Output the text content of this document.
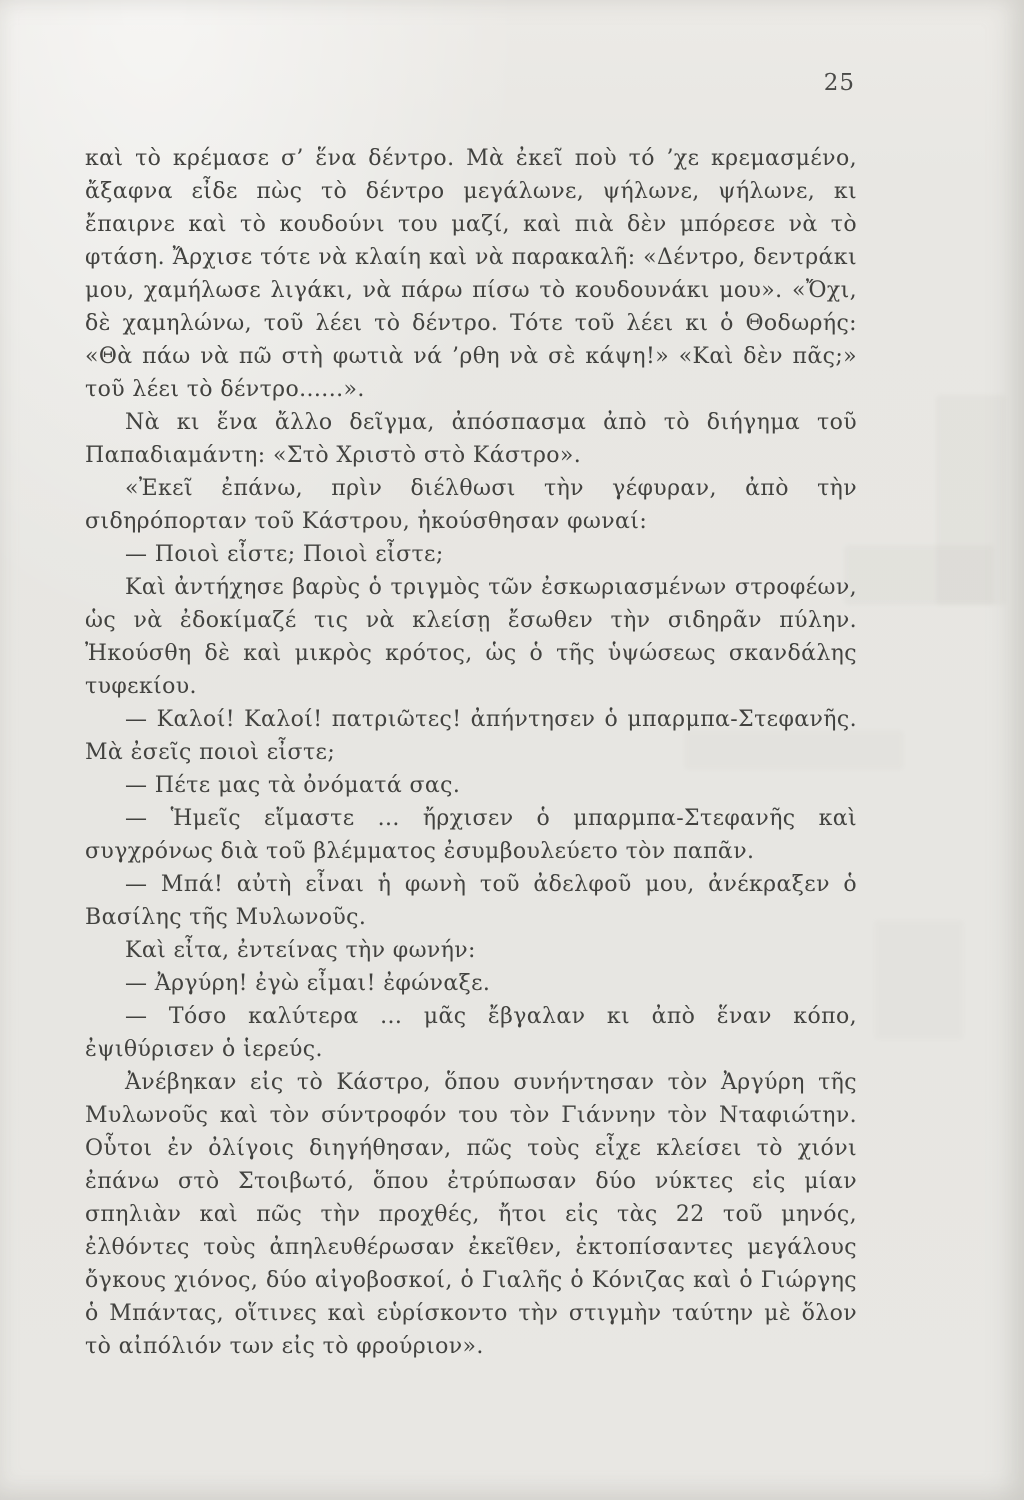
25

καὶ τὸ κρέμασε σ’ ἕνα δέντρο. Μὰ ἐκεῖ ποὺ τό ’χε κρεμασμένο, ἄξαφνα εἶδε πὼς τὸ δέντρο μεγάλωνε, ψήλωνε, ψήλωνε, κι ἔπαιρνε καὶ τὸ κουδούνι του μαζί, καὶ πιὰ δὲν μπόρεσε νὰ τὸ φτάση. Ἄρχισε τότε νὰ κλαίη καὶ νὰ παρακαλῆ: «Δέντρο, δεντράκι μου, χαμήλωσε λιγάκι, νὰ πάρω πίσω τὸ κουδουνάκι μου». «Ὄχι, δὲ χαμηλώνω, τοῦ λέει τὸ δέντρο. Τότε τοῦ λέει κι ὁ Θοδωρής: «Θὰ πάω νὰ πῶ στὴ φωτιὰ νά ’ρθη νὰ σὲ κάψη!» «Καὶ δὲν πᾶς;» τοῦ λέει τὸ δέντρο......».

Νὰ κι ἕνα ἄλλο δεῖγμα, ἀπόσπασμα ἀπὸ τὸ διήγημα τοῦ Παπαδιαμάντη: «Στὸ Χριστὸ στὸ Κάστρο».

«Ἐκεῖ ἐπάνω, πρὶν διέλθωσι τὴν γέφυραν, ἀπὸ τὴν σιδηρόπορταν τοῦ Κάστρου, ἠκούσθησαν φωναί:

— Ποιοὶ εἶστε; Ποιοὶ εἶστε;

Καὶ ἀντήχησε βαρὺς ὁ τριγμὸς τῶν ἐσκωριασμένων στροφέων, ὡς νὰ ἐδοκίμαζέ τις νὰ κλείσῃ ἔσωθεν τὴν σιδηρᾶν πύλην. Ἠκούσθη δὲ καὶ μικρὸς κρότος, ὡς ὁ τῆς ὑψώσεως σκανδάλης τυφεκίου.

— Καλοί! Καλοί! πατριῶτες! ἀπήντησεν ὁ μπαρμπα-Στεφανῆς. Μὰ ἐσεῖς ποιοὶ εἶστε;

— Πέτε μας τὰ ὀνόματά σας.

— Ἡμεῖς εἴμαστε ... ἤρχισεν ὁ μπαρμπα-Στεφανῆς καὶ συγχρόνως διὰ τοῦ βλέμματος ἐσυμβουλεύετο τὸν παπᾶν.

— Μπά! αὐτὴ εἶναι ἡ φωνὴ τοῦ ἀδελφοῦ μου, ἀνέκραξεν ὁ Βασίλης τῆς Μυλωνοῦς.

Καὶ εἶτα, ἐντείνας τὴν φωνήν:

— Ἀργύρη! ἐγὼ εἶμαι! ἐφώναξε.

— Τόσο καλύτερα ... μᾶς ἔβγαλαν κι ἀπὸ ἕναν κόπο, ἐψιθύρισεν ὁ ἱερεύς.

Ἀνέβηκαν εἰς τὸ Κάστρο, ὅπου συνήντησαν τὸν Ἀργύρη τῆς Μυλωνοῦς καὶ τὸν σύντροφόν του τὸν Γιάννην τὸν Νταφιώτην. Οὗτοι ἐν ὀλίγοις διηγήθησαν, πῶς τοὺς εἶχε κλείσει τὸ χιόνι ἐπάνω στὸ Στοιβωτό, ὅπου ἐτρύπωσαν δύο νύκτες εἰς μίαν σπηλιὰν καὶ πῶς τὴν προχθές, ἤτοι εἰς τὰς 22 τοῦ μηνός, ἐλθόντες τοὺς ἀπηλευθέρωσαν ἐκεῖθεν, ἐκτοπίσαντες μεγάλους ὄγκους χιόνος, δύο αἰγοβοσκοί, ὁ Γιαλῆς ὁ Κόνιζας καὶ ὁ Γιώργης ὁ Μπάντας, οἵτινες καὶ εὑρίσκοντο τὴν στιγμὴν ταύτην μὲ ὅλον τὸ αἰπόλιόν των εἰς τὸ φρούριον».
